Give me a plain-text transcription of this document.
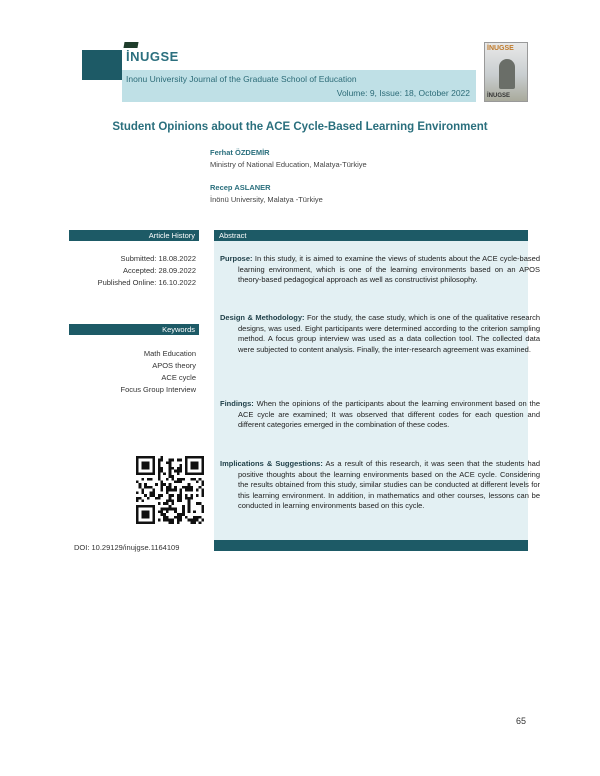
İNUGSE
Inonu University Journal of the Graduate School of Education
Volume: 9, Issue: 18, October 2022
İNUGSE
İNUGSE
Student Opinions about the ACE Cycle-Based Learning Environment
Ferhat ÖZDEMİR
Ministry of National Education, Malatya-Türkiye
Recep ASLANER
İnönü University, Malatya -Türkiye
Article History
Submitted: 18.08.2022
Accepted: 28.09.2022
Published Online: 16.10.2022
Keywords
Math Education
APOS theory
ACE cycle
Focus Group Interview
DOI: 10.29129/inujgse.1164109
Abstract
Purpose: In this study, it is aimed to examine the views of students about the ACE cycle-based learning environment, which is one of the learning environments based on an APOS theory-based pedagogical approach as well as constructivist philosophy.
Design & Methodology: For the study, the case study, which is one of the qualitative research designs, was used. Eight participants were determined according to the criterion sampling method. A focus group interview was used as a data collection tool. The collected data were subjected to content analysis. Finally, the inter-research agreement was examined.
Findings: When the opinions of the participants about the learning environment based on the ACE cycle are examined; It was observed that different codes for each question and different categories emerged in the combination of these codes.
Implications & Suggestions: As a result of this research, it was seen that the students had positive thoughts about the learning environments based on the ACE cycle. Considering the results obtained from this study, similar studies can be conducted at different levels for this learning environment. In addition, in mathematics and other courses, lessons can be conducted in learning environments based on this cycle.
65
